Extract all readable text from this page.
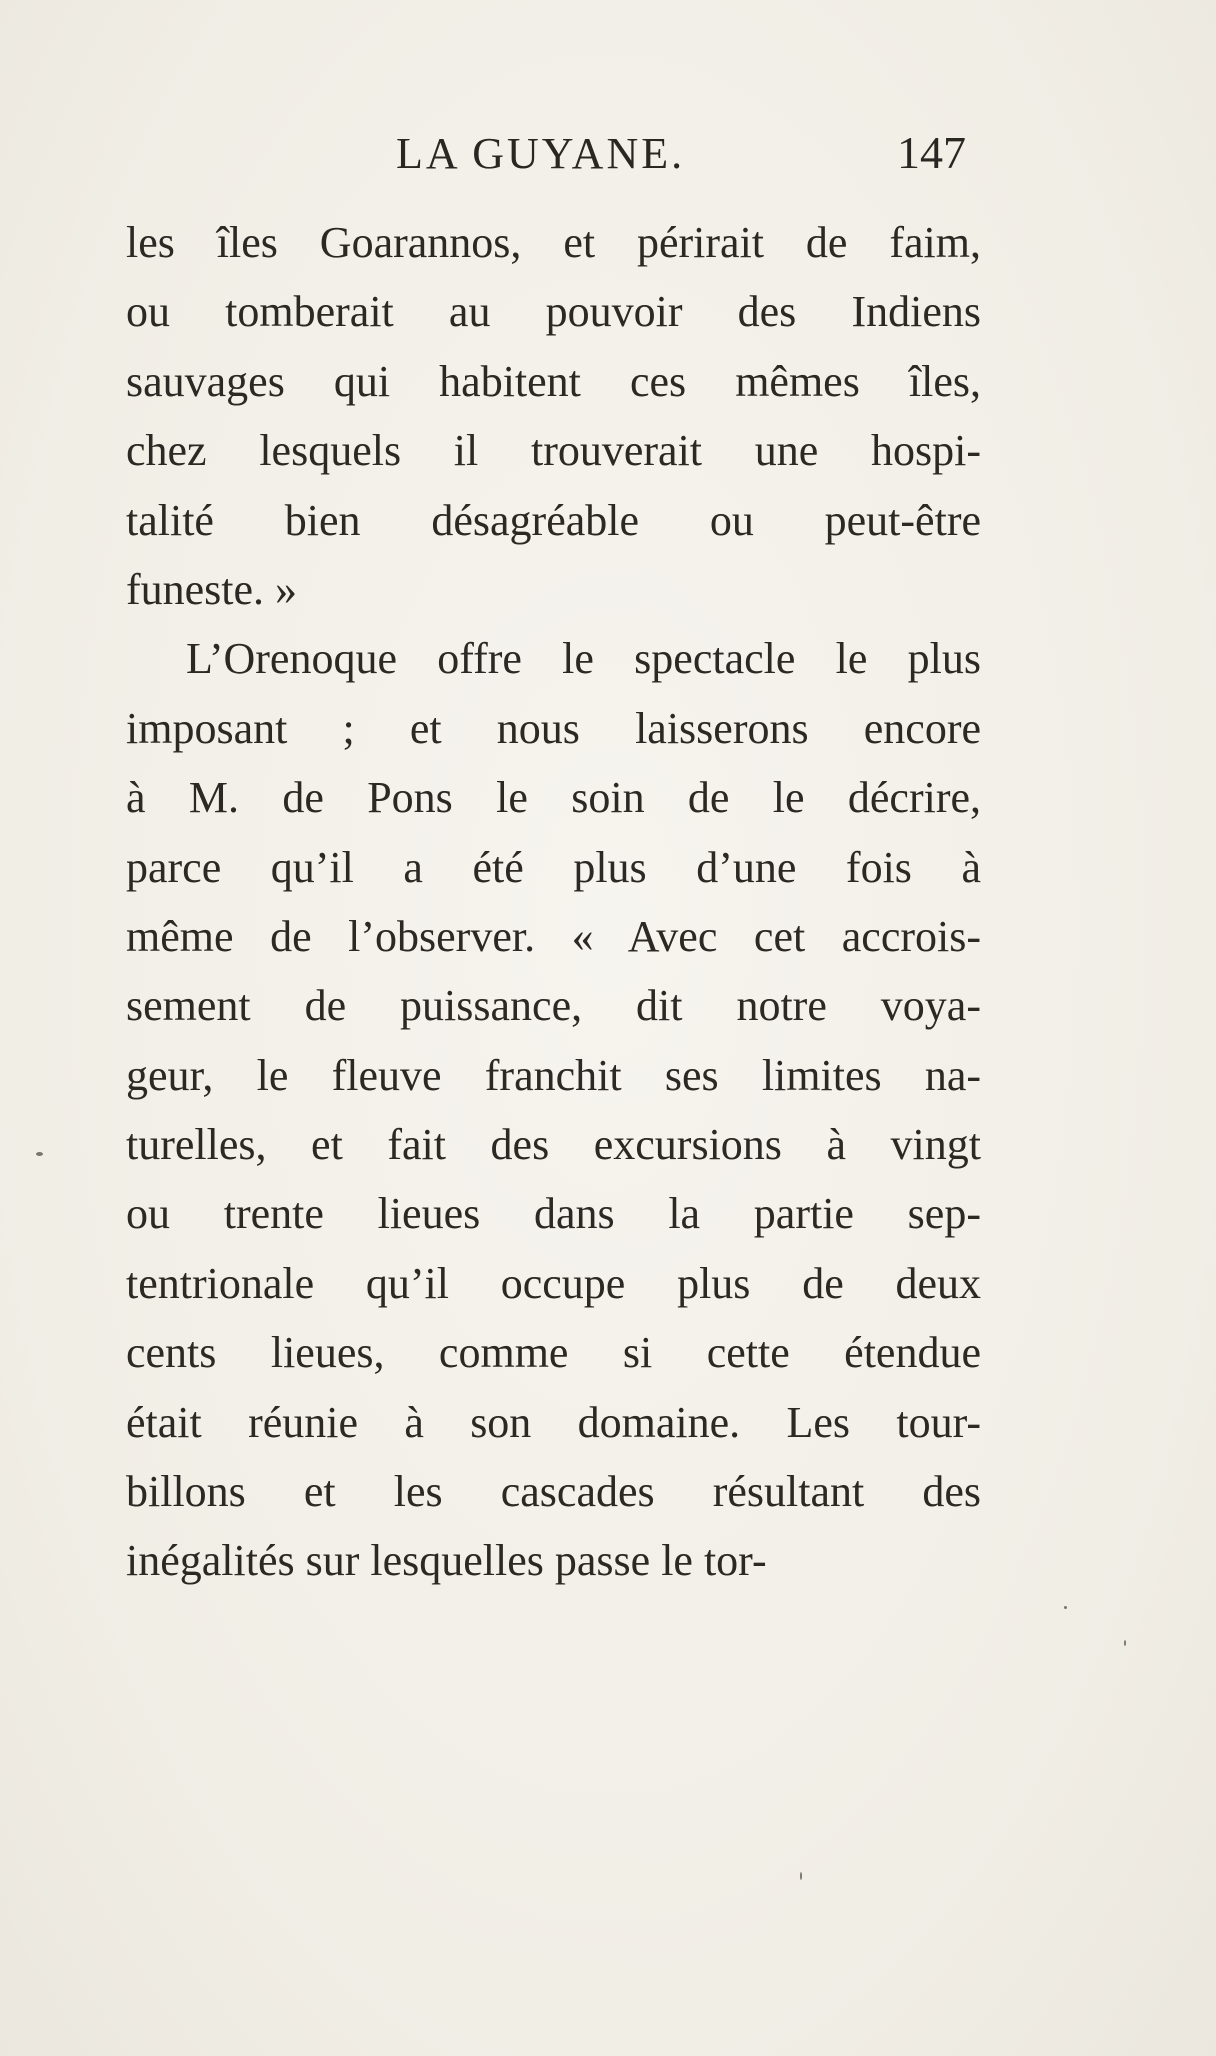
LA GUYANE.	147
les îles Goarannos, et périrait de faim,
ou tomberait au pouvoir des Indiens
sauvages qui habitent ces mêmes îles,
chez lesquels il trouverait une hospi-
talité bien désagréable ou peut-être
funeste. »
L’Orenoque offre le spectacle le plus
imposant ; et nous laisserons encore
à M. de Pons le soin de le décrire,
parce qu’il a été plus d’une fois à
même de l’observer. « Avec cet accrois-
sement de puissance, dit notre voya-
geur, le fleuve franchit ses limites na-
turelles, et fait des excursions à vingt
ou trente lieues dans la partie sep-
tentrionale qu’il occupe plus de deux
cents lieues, comme si cette étendue
était réunie à son domaine. Les tour-
billons et les cascades résultant des
inégalités sur lesquelles passe le tor-
